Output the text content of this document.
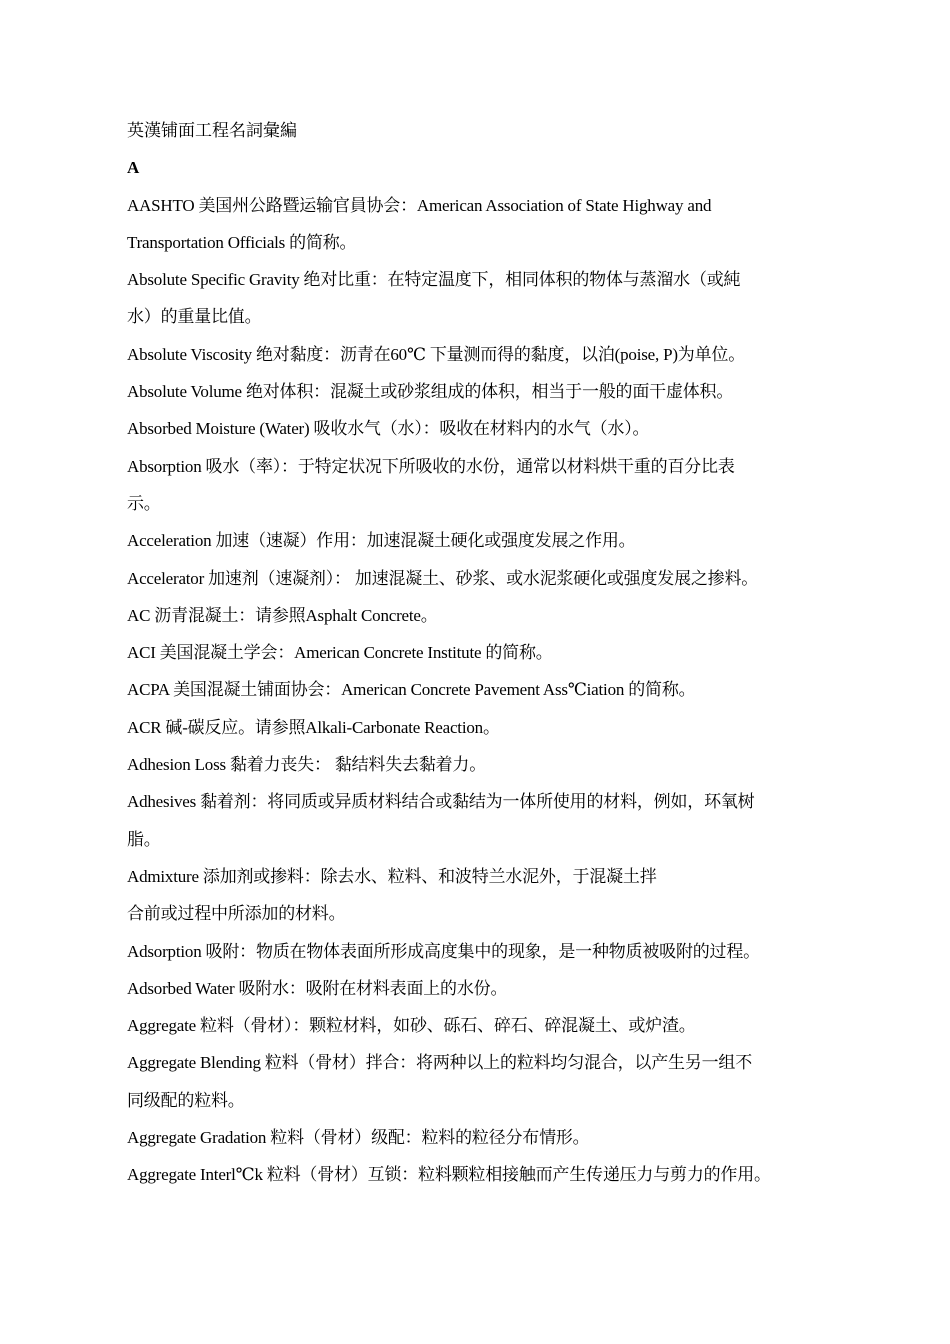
英漢铺面工程名詞彙編
A
AASHTO 美国州公路暨运输官員协会：American Association of State Highway and
Transportation Officials 的简称。
Absolute Specific Gravity 绝对比重：在特定温度下，相同体积的物体与蒸溜水（或純
水）的重量比值。
Absolute Viscosity 绝对黏度：沥青在60℃ 下量测而得的黏度，以泊(poise, P)为单位。
Absolute Volume 绝对体积：混凝土或砂浆组成的体积，相当于一般的面干虚体积。
Absorbed Moisture (Water) 吸收水气（水）：吸收在材料内的水气（水）。
Absorption 吸水（率）：于特定状况下所吸收的水份，通常以材料烘干重的百分比表
示。
Acceleration 加速（速凝）作用：加速混凝土硬化或强度发展之作用。
Accelerator 加速剂（速凝剂）： 加速混凝土、砂浆、或水泥浆硬化或强度发展之掺料。
AC 沥青混凝土：请参照Asphalt Concrete。
ACI 美国混凝土学会：American Concrete Institute 的简称。
ACPA 美国混凝土铺面协会：American Concrete Pavement Ass℃iation 的简称。
ACR 碱-碳反应。请参照Alkali-Carbonate Reaction。
Adhesion Loss 黏着力丧失： 黏结料失去黏着力。
Adhesives 黏着剂：将同质或异质材料结合或黏结为一体所使用的材料，例如，环氧树
脂。
Admixture 添加剂或掺料：除去水、粒料、和波特兰水泥外，于混凝土拌
合前或过程中所添加的材料。
Adsorption 吸附：物质在物体表面所形成高度集中的现象，是一种物质被吸附的过程。
Adsorbed Water 吸附水：吸附在材料表面上的水份。
Aggregate 粒料（骨材）：颗粒材料，如砂、砾石、碎石、碎混凝土、或炉渣。
Aggregate Blending 粒料（骨材）拌合：将两种以上的粒料均匀混合，以产生另一组不
同级配的粒料。
Aggregate Gradation 粒料（骨材）级配：粒料的粒径分布情形。
Aggregate Interl℃k 粒料（骨材）互锁：粒料颗粒相接触而产生传递压力与剪力的作用。
